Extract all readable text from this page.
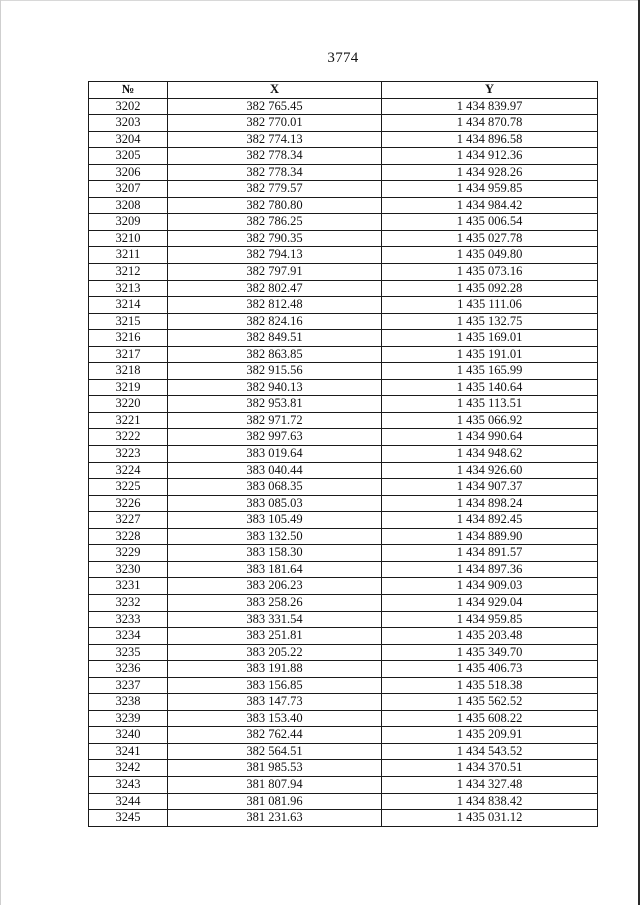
3774
№	X	Y
3202	382 765.45	1 434 839.97
3203	382 770.01	1 434 870.78
3204	382 774.13	1 434 896.58
3205	382 778.34	1 434 912.36
3206	382 778.34	1 434 928.26
3207	382 779.57	1 434 959.85
3208	382 780.80	1 434 984.42
3209	382 786.25	1 435 006.54
3210	382 790.35	1 435 027.78
3211	382 794.13	1 435 049.80
3212	382 797.91	1 435 073.16
3213	382 802.47	1 435 092.28
3214	382 812.48	1 435 111.06
3215	382 824.16	1 435 132.75
3216	382 849.51	1 435 169.01
3217	382 863.85	1 435 191.01
3218	382 915.56	1 435 165.99
3219	382 940.13	1 435 140.64
3220	382 953.81	1 435 113.51
3221	382 971.72	1 435 066.92
3222	382 997.63	1 434 990.64
3223	383 019.64	1 434 948.62
3224	383 040.44	1 434 926.60
3225	383 068.35	1 434 907.37
3226	383 085.03	1 434 898.24
3227	383 105.49	1 434 892.45
3228	383 132.50	1 434 889.90
3229	383 158.30	1 434 891.57
3230	383 181.64	1 434 897.36
3231	383 206.23	1 434 909.03
3232	383 258.26	1 434 929.04
3233	383 331.54	1 434 959.85
3234	383 251.81	1 435 203.48
3235	383 205.22	1 435 349.70
3236	383 191.88	1 435 406.73
3237	383 156.85	1 435 518.38
3238	383 147.73	1 435 562.52
3239	383 153.40	1 435 608.22
3240	382 762.44	1 435 209.91
3241	382 564.51	1 434 543.52
3242	381 985.53	1 434 370.51
3243	381 807.94	1 434 327.48
3244	381 081.96	1 434 838.42
3245	381 231.63	1 435 031.12
